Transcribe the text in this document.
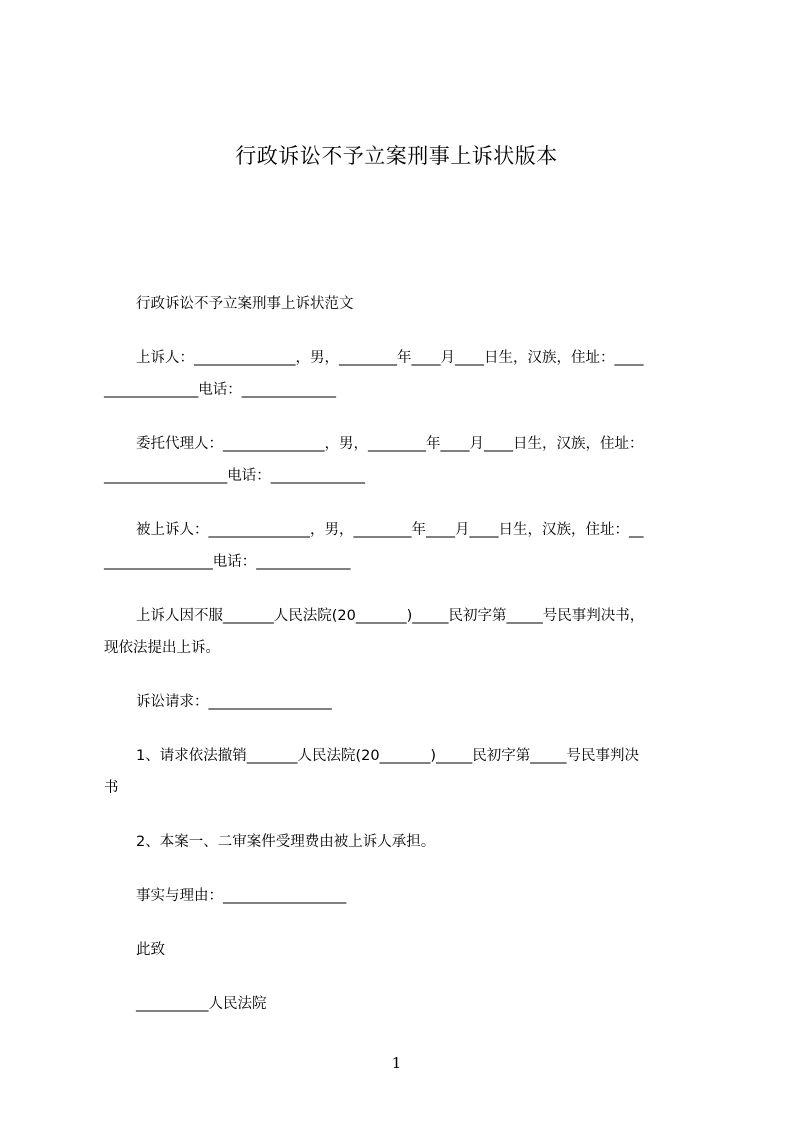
行政诉讼不予立案刑事上诉状版本

行政诉讼不予立案刑事上诉状范文

上诉人：______________，男，________年____月____日生，汉族，住址：____
_____________电话：_____________
委托代理人：______________，男，________年____月____日生，汉族，住址：
_________________电话：_____________
被上诉人：______________，男，________年____月____日生，汉族，住址：__
_______________电话：_____________
上诉人因不服_______人民法院(20_______)_____民初字第_____号民事判决书，
现依法提出上诉。
诉讼请求：_________________
1、请求依法撤销_______人民法院(20_______)_____民初字第_____号民事判决
书
2、本案一、二审案件受理费由被上诉人承担。
事实与理由：_________________
此致
__________人民法院
1
